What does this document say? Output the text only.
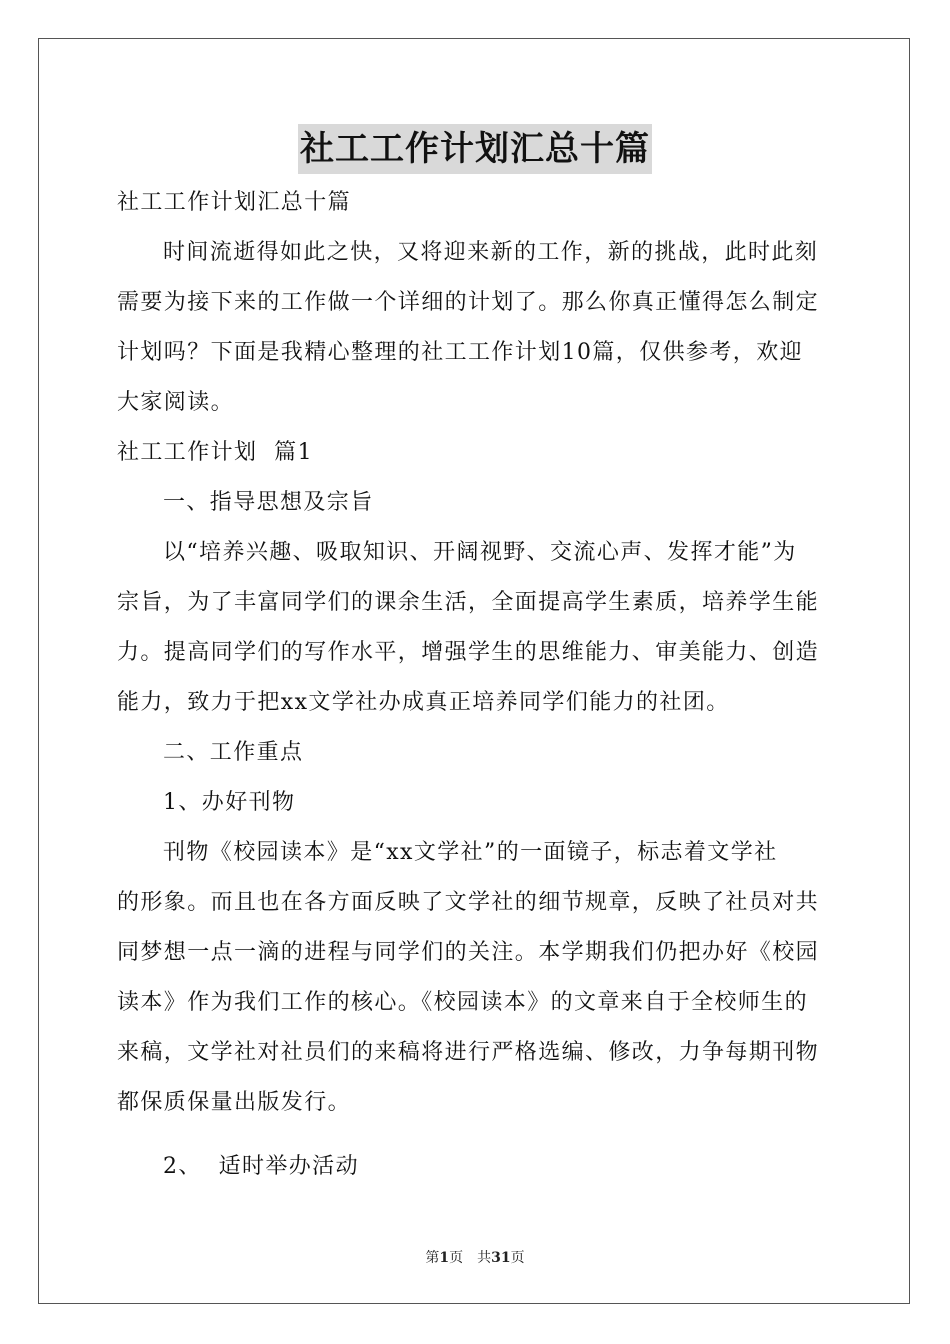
社工工作计划汇总十篇

社工工作计划汇总十篇

时间流逝得如此之快，又将迎来新的工作，新的挑战，此时此刻

需要为接下来的工作做一个详细的计划了。那么你真正懂得怎么制定

计划吗？下面是我精心整理的社工工作计划10篇，仅供参考，欢迎

大家阅读。

社工工作计划  篇1

一、指导思想及宗旨

以“培养兴趣、吸取知识、开阔视野、交流心声、发挥才能”为

宗旨，为了丰富同学们的课余生活，全面提高学生素质，培养学生能

力。提高同学们的写作水平，增强学生的思维能力、审美能力、创造

能力，致力于把xx文学社办成真正培养同学们能力的社团。

二、工作重点

1、办好刊物

刊物《校园读本》是“xx文学社”的一面镜子，标志着文学社

的形象。而且也在各方面反映了文学社的细节规章，反映了社员对共

同梦想一点一滴的进程与同学们的关注。本学期我们仍把办好《校园

读本》作为我们工作的核心。《校园读本》的文章来自于全校师生的

来稿，文学社对社员们的来稿将进行严格选编、修改，力争每期刊物

都保质保量出版发行。

2、  适时举办活动

第1页 共31页
